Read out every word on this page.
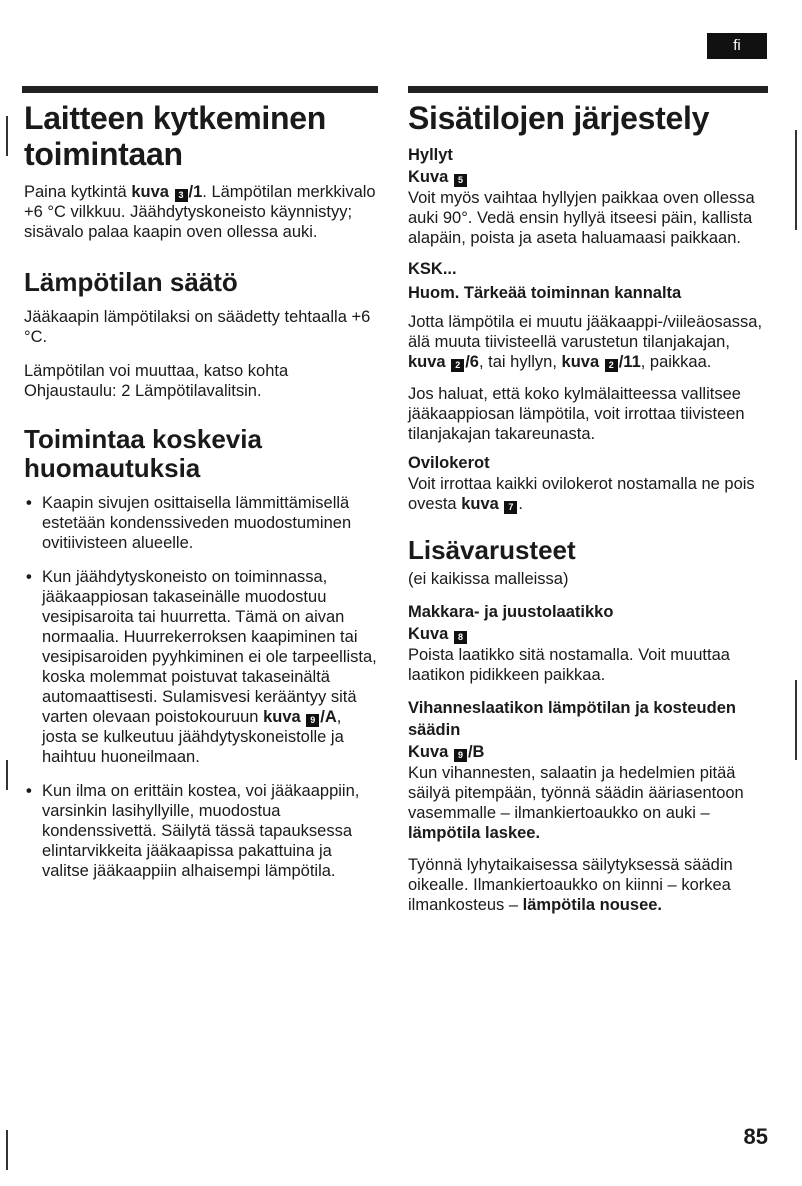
fi
Laitteen kytkeminen toimintaan

Paina kytkintä kuva 3 /1. Lämpötilan merkkivalo +6 °C vilkkuu. Jäähdytyskoneisto käynnistyy; sisävalo palaa kaapin oven ollessa auki.

Lämpötilan säätö

Jääkaapin lämpötilaksi on säädetty tehtaalla +6 °C.

Lämpötilan voi muuttaa, katso kohta Ohjaustaulu: 2 Lämpötilavalitsin.

Toimintaa koskevia huomautuksia
• Kaapin sivujen osittaisella lämmittämisellä estetään kondenssiveden muodostuminen ovitiivisteen alueelle.
• Kun jäähdytyskoneisto on toiminnassa, jääkaappiosan takaseinälle muodostuu vesipisaroita tai huurretta. Tämä on aivan normaalia. Huurrekerroksen kaapiminen tai vesipisaroiden pyyhkiminen ei ole tarpeellista, koska molemmat poistuvat takaseinältä automaattisesti. Sulamisvesi kerääntyy sitä varten olevaan poistokouruun kuva 9 /A, josta se kulkeutuu jäähdytyskoneistolle ja haihtuu huoneilmaan.
• Kun ilma on erittäin kostea, voi jääkaappiin, varsinkin lasihyllyille, muodostua kondenssivettä. Säilytä tässä tapauksessa elintarvikkeita jääkaapissa pakattuina ja valitse jääkaappiin alhaisempi lämpötila.
Sisätilojen järjestely

Hyllyt

Kuva 5

Voit myös vaihtaa hyllyjen paikkaa oven ollessa auki 90°. Vedä ensin hyllyä itseesi päin, kallista alapäin, poista ja aseta haluamaasi paikkaan.

KSK...

Huom. Tärkeää toiminnan kannalta

Jotta lämpötila ei muutu jääkaappi-/viileäosassa, älä muuta tiivisteellä varustetun tilanjakajan, kuva 2 /6, tai hyllyn, kuva 2 /11, paikkaa.

Jos haluat, että koko kylmälaitteessa vallitsee jääkaappiosan lämpötila, voit irrottaa tiivisteen tilanjakajan takareunasta.

Ovilokerot

Voit irrottaa kaikki ovilokerot nostamalla ne pois ovesta kuva 7 .

Lisävarusteet

(ei kaikissa malleissa)

Makkara- ja juustolaatikko

Kuva 8

Poista laatikko sitä nostamalla. Voit muuttaa laatikon pidikkeen paikkaa.

Vihanneslaatikon lämpötilan ja kosteuden säädin

Kuva 9 /B

Kun vihannesten, salaatin ja hedelmien pitää säilyä pitempään, työnnä säädin ääriasentoon vasemmalle – ilmankiertoaukko on auki – lämpötila laskee.

Työnnä lyhytaikaisessa säilytyksessä säädin oikealle. Ilmankiertoaukko on kiinni – korkea ilmankosteus – lämpötila nousee.

85
